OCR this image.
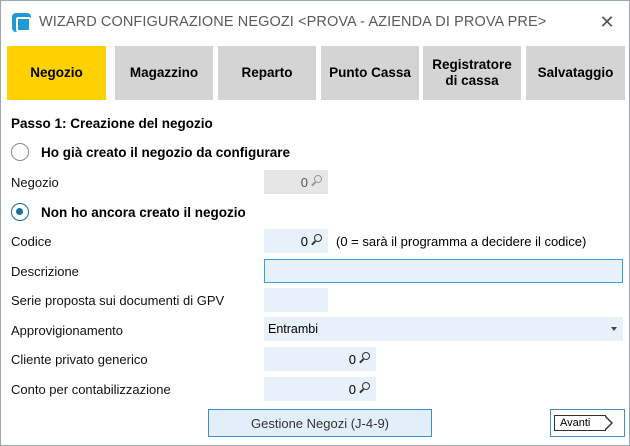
WIZARD CONFIGURAZIONE NEGOZI <PROVA - AZIENDA DI PROVA PRE>	✕
Negozio	Magazzino	Reparto	Punto Cassa
Registratore
di cassa
Salvataggio
Passo 1: Creazione del negozio
Ho già creato il negozio da configurare
Negozio	0
Non ho ancora creato il negozio
Codice	0 (0 = sarà il programma a decidere il codice)
Descrizione
Serie proposta sui documenti di GPV
Approvigionamento	Entrambi
Cliente privato generico	0
Conto per contabilizzazione	0
Gestione Negozi (J-4-9)	Avanti
